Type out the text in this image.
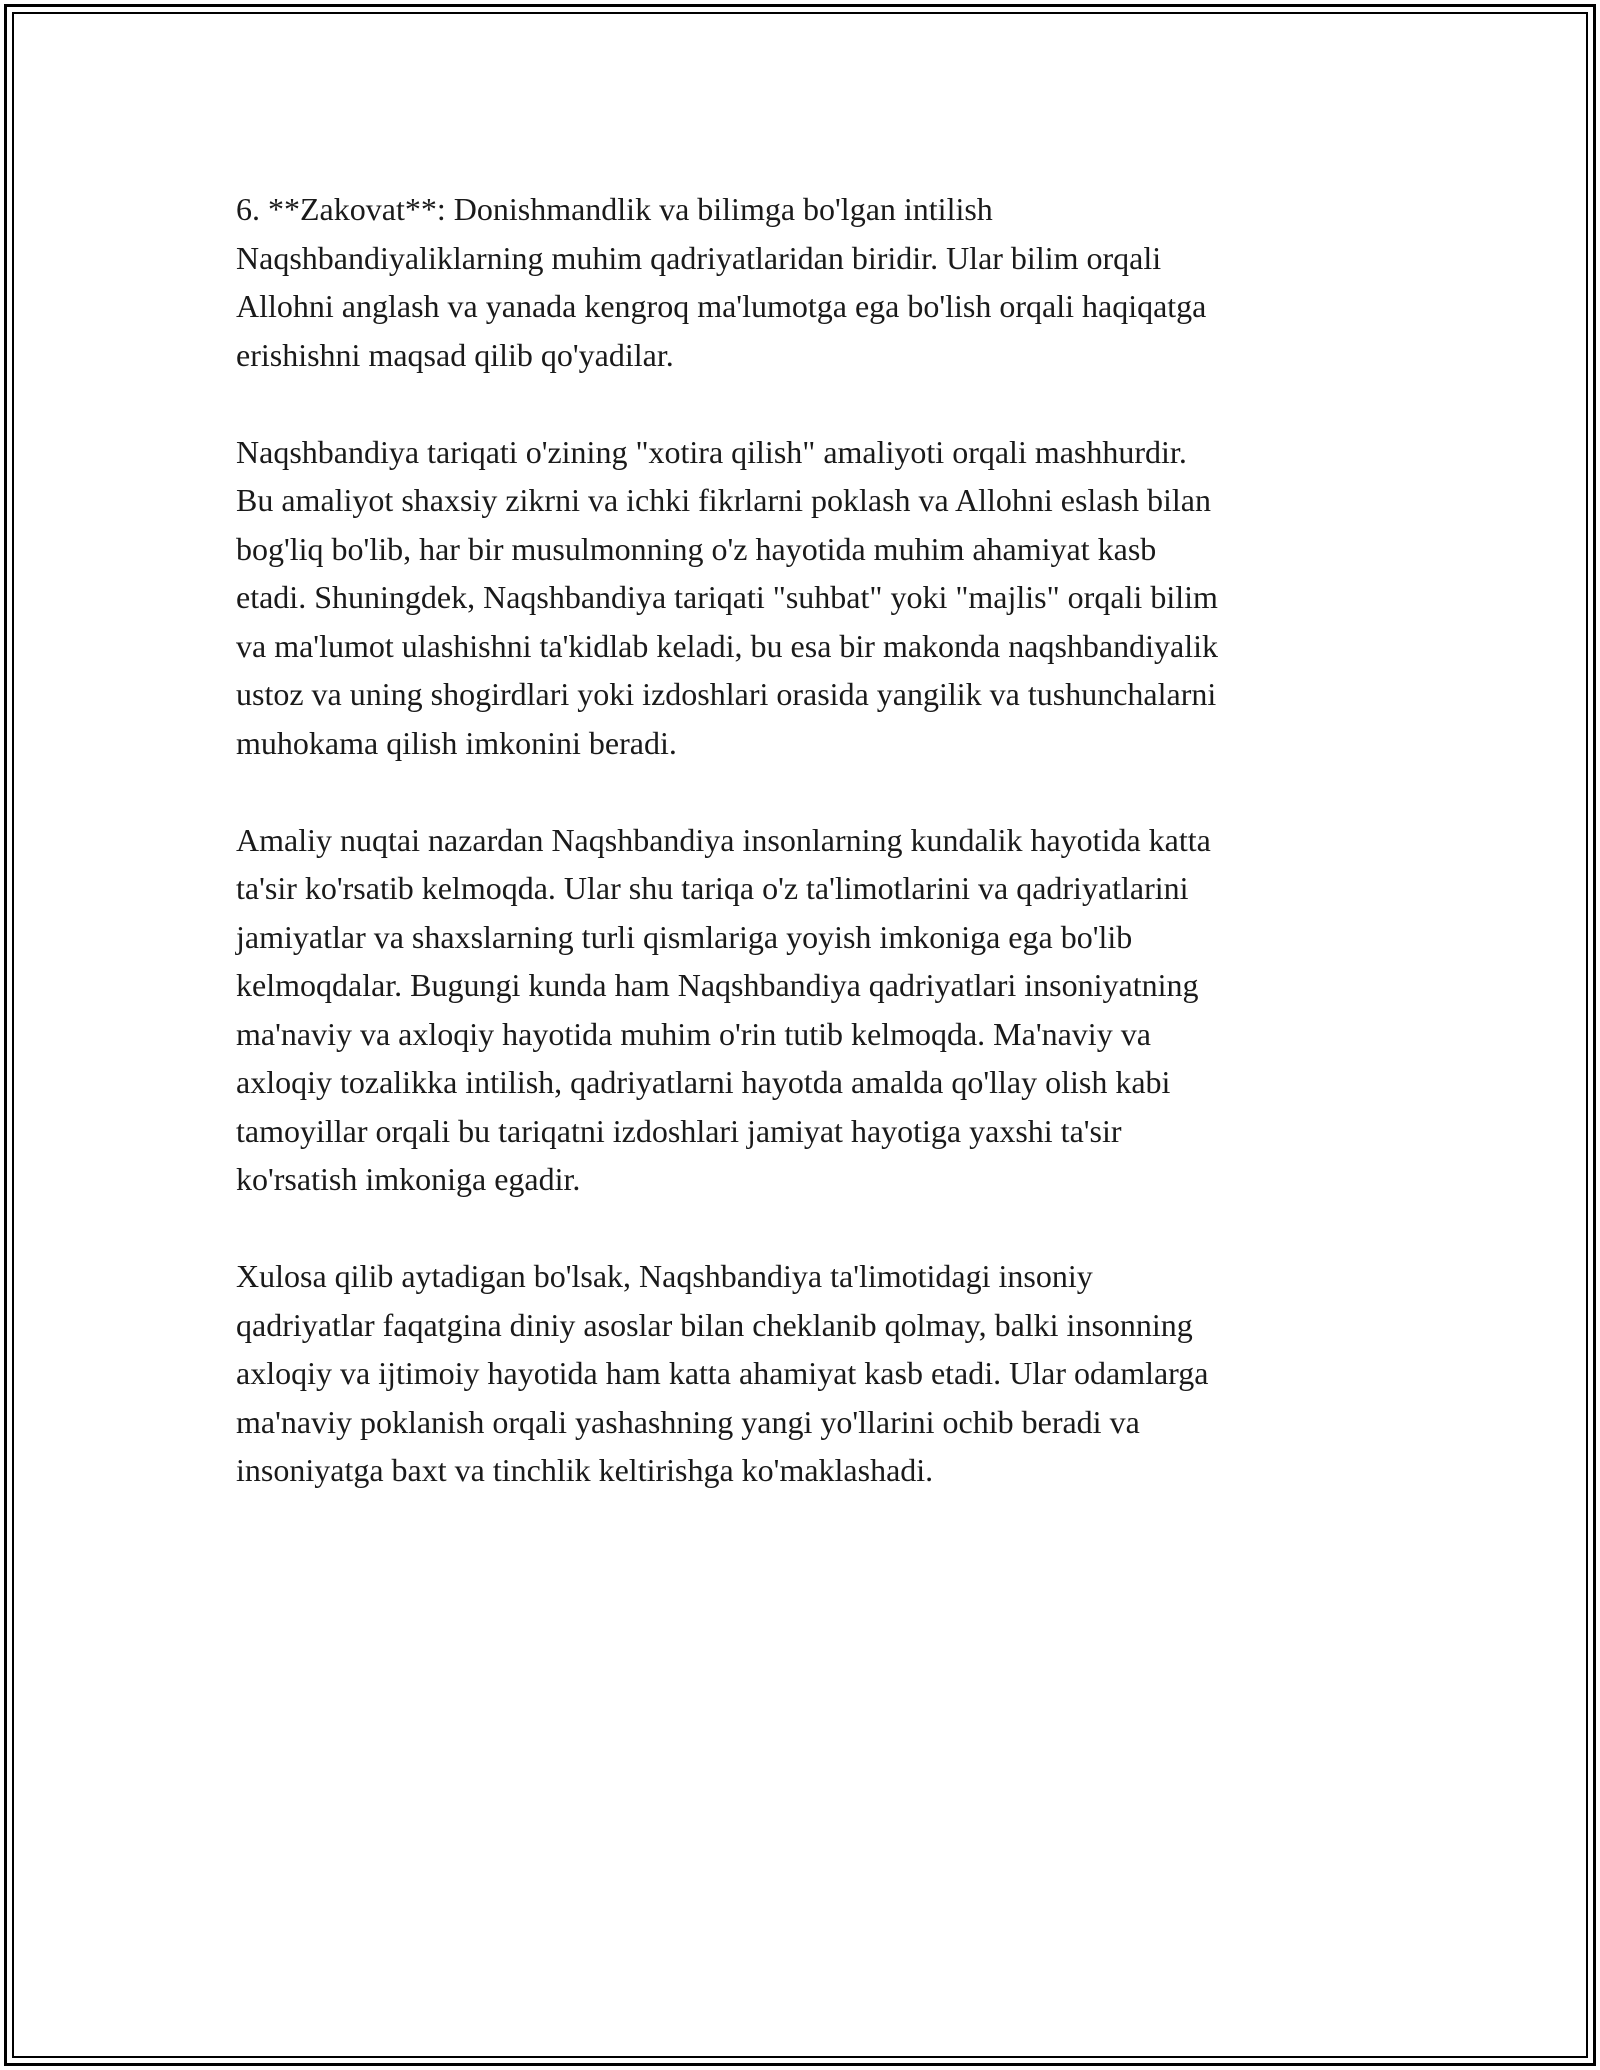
6. **Zakovat**: Donishmandlik va bilimga bo'lgan intilish
Naqshbandiyaliklarning muhim qadriyatlaridan biridir. Ular bilim orqali
Allohni anglash va yanada kengroq ma'lumotga ega bo'lish orqali haqiqatga
erishishni maqsad qilib qo'yadilar.

Naqshbandiya tariqati o'zining "xotira qilish" amaliyoti orqali mashhurdir.
Bu amaliyot shaxsiy zikrni va ichki fikrlarni poklash va Allohni eslash bilan
bog'liq bo'lib, har bir musulmonning o'z hayotida muhim ahamiyat kasb
etadi. Shuningdek, Naqshbandiya tariqati "suhbat" yoki "majlis" orqali bilim
va ma'lumot ulashishni ta'kidlab keladi, bu esa bir makonda naqshbandiyalik
ustoz va uning shogirdlari yoki izdoshlari orasida yangilik va tushunchalarni
muhokama qilish imkonini beradi.

Amaliy nuqtai nazardan Naqshbandiya insonlarning kundalik hayotida katta
ta'sir ko'rsatib kelmoqda. Ular shu tariqa o'z ta'limotlarini va qadriyatlarini
jamiyatlar va shaxslarning turli qismlariga yoyish imkoniga ega bo'lib
kelmoqdalar. Bugungi kunda ham Naqshbandiya qadriyatlari insoniyatning
ma'naviy va axloqiy hayotida muhim o'rin tutib kelmoqda. Ma'naviy va
axloqiy tozalikka intilish, qadriyatlarni hayotda amalda qo'llay olish kabi
tamoyillar orqali bu tariqatni izdoshlari jamiyat hayotiga yaxshi ta'sir
ko'rsatish imkoniga egadir.

Xulosa qilib aytadigan bo'lsak, Naqshbandiya ta'limotidagi insoniy
qadriyatlar faqatgina diniy asoslar bilan cheklanib qolmay, balki insonning
axloqiy va ijtimoiy hayotida ham katta ahamiyat kasb etadi. Ular odamlarga
ma'naviy poklanish orqali yashashning yangi yo'llarini ochib beradi va
insoniyatga baxt va tinchlik keltirishga ko'maklashadi.
